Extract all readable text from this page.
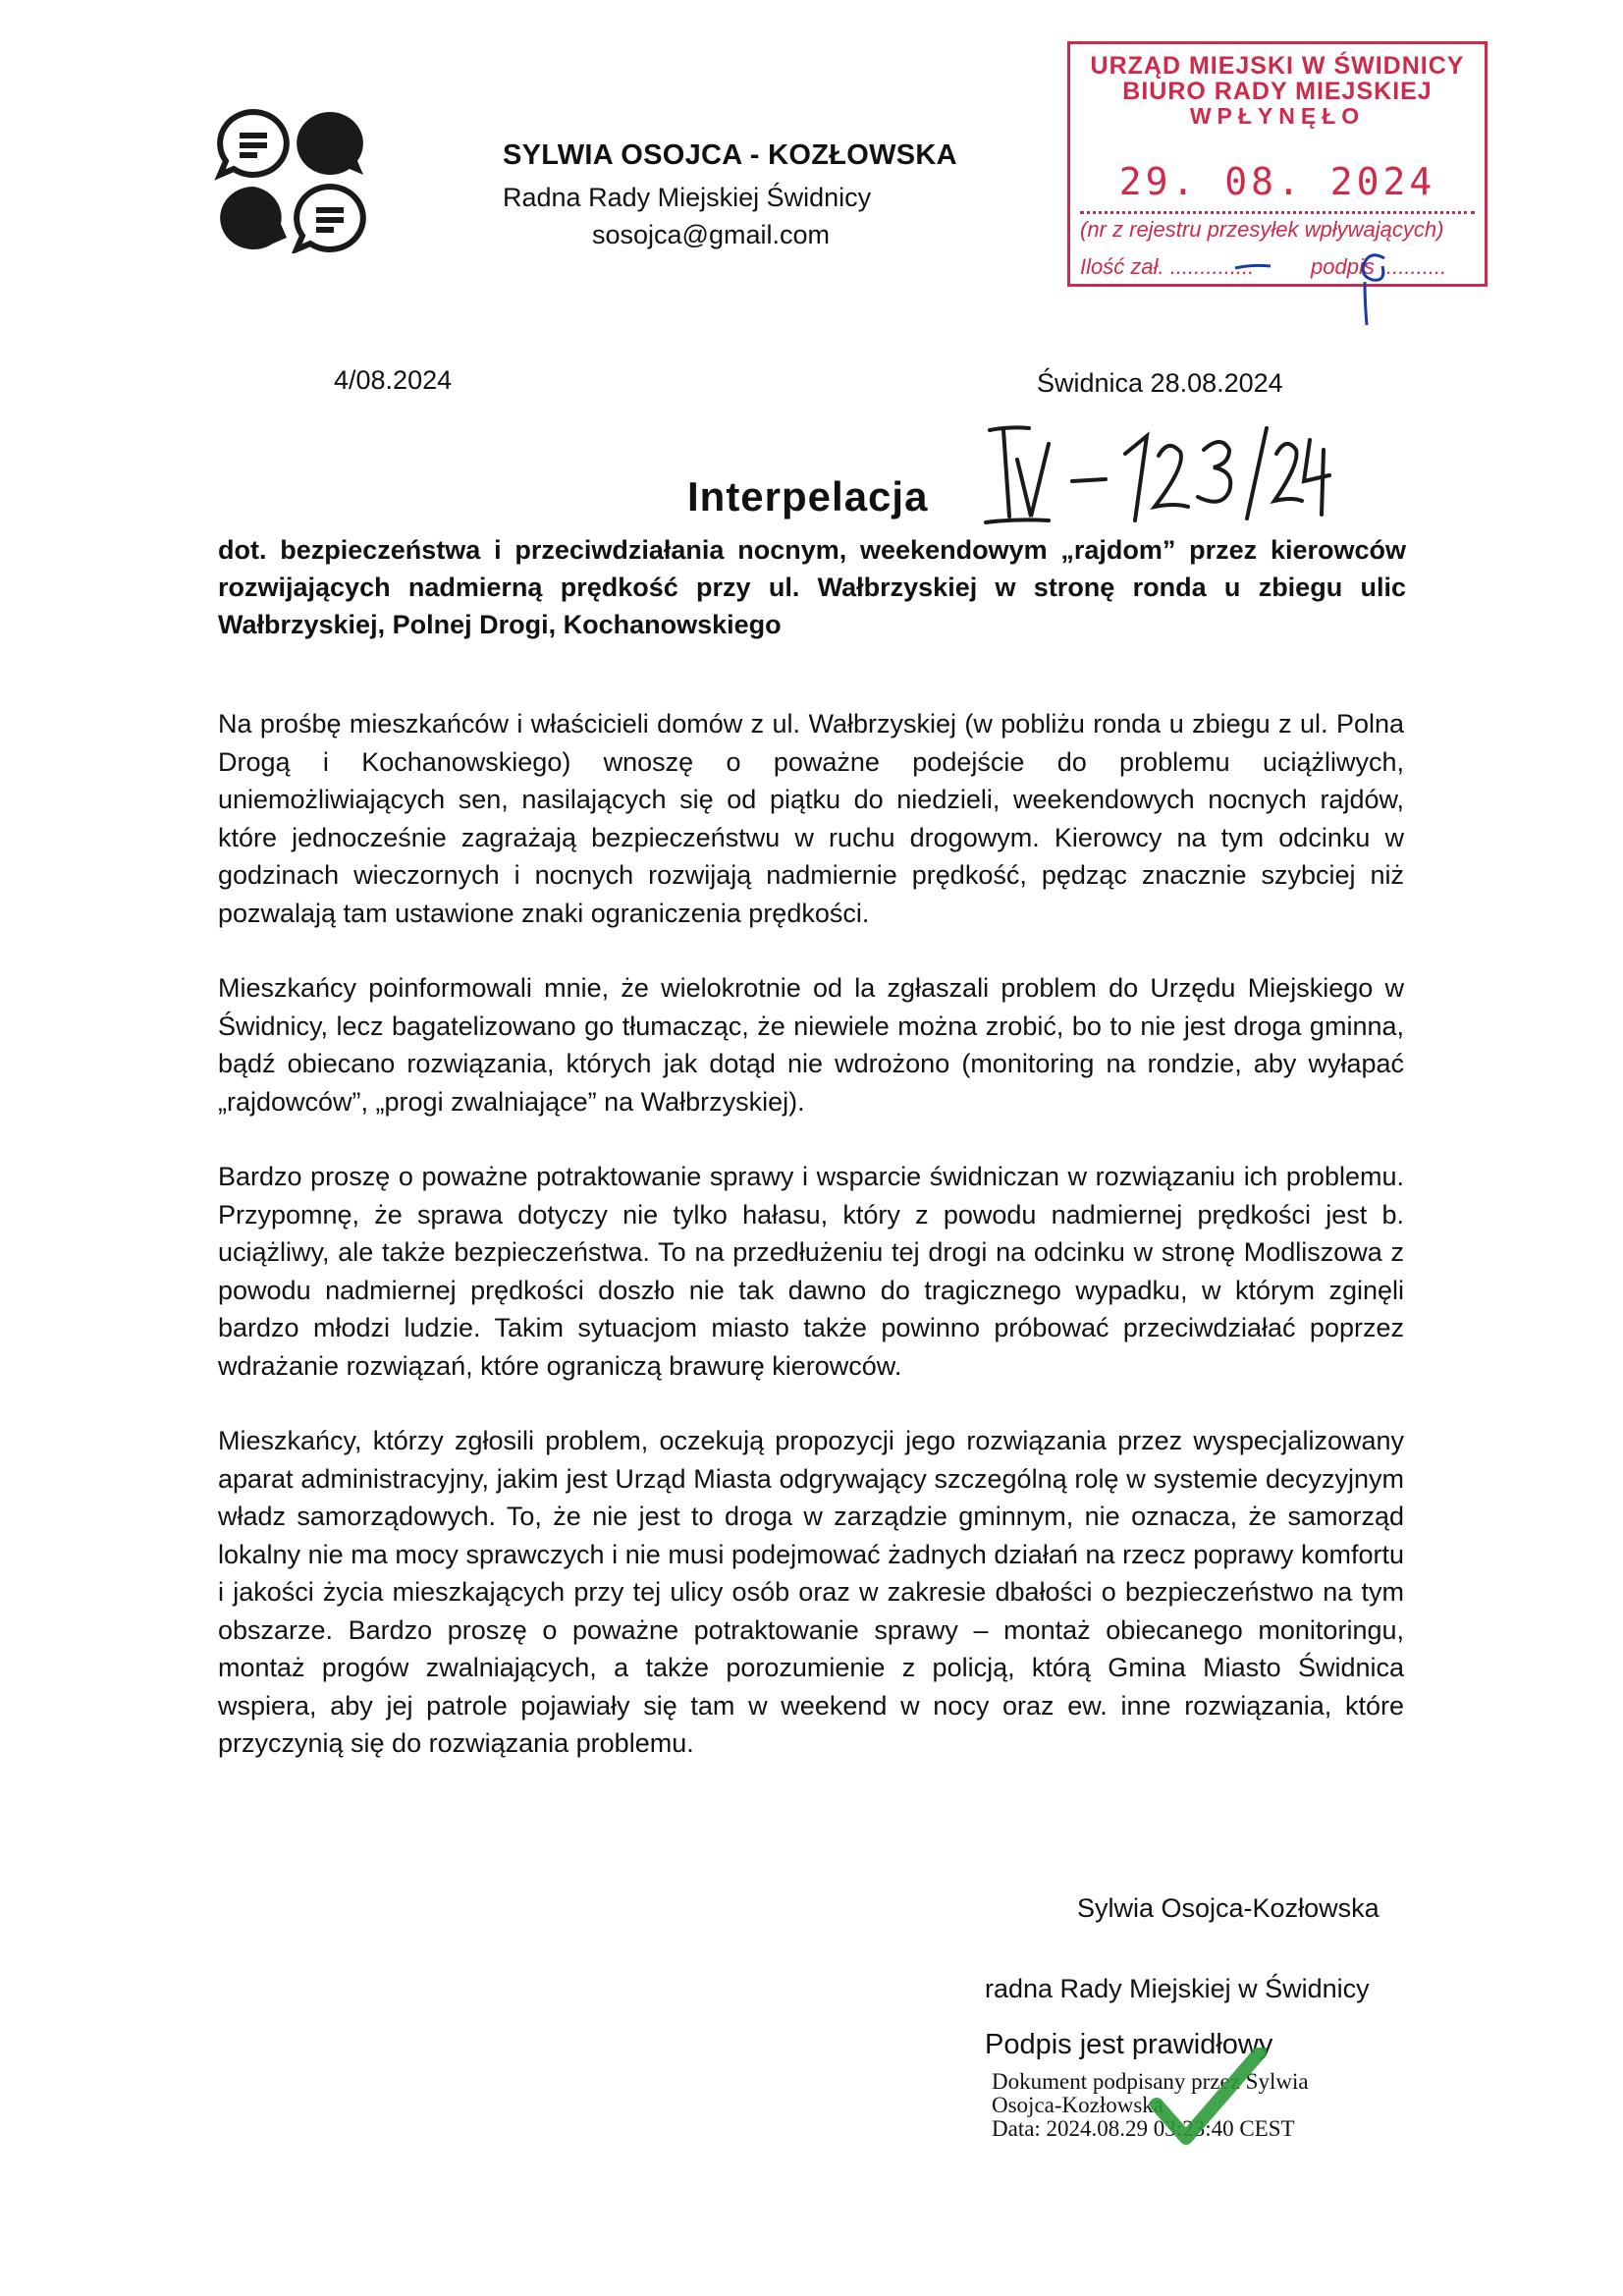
SYLWIA OSOJCA - KOZŁOWSKA
Radna Rady Miejskiej Świdnicy
sosojca@gmail.com
URZĄD MIEJSKI W ŚWIDNICY
BIURO RADY MIEJSKIEJ
WPŁYNĘŁO
29. 08. 2024
(nr z rejestru przesyłek wpływających)
Ilość zał. ..............	podpis ...........
4/08.2024	Świdnica 28.08.2024
Interpelacja
dot. bezpieczeństwa i przeciwdziałania nocnym, weekendowym „rajdom” przez kierowców rozwijających nadmierną prędkość przy ul. Wałbrzyskiej w stronę ronda u zbiegu ulic Wałbrzyskiej, Polnej Drogi, Kochanowskiego

Na prośbę mieszkańców i właścicieli domów z ul. Wałbrzyskiej (w pobliżu ronda u zbiegu z ul. Polna Drogą i Kochanowskiego) wnoszę o poważne podejście do problemu uciążliwych, uniemożliwiających sen, nasilających się od piątku do niedzieli, weekendowych nocnych rajdów, które jednocześnie zagrażają bezpieczeństwu w ruchu drogowym. Kierowcy na tym odcinku w godzinach wieczornych i nocnych rozwijają nadmiernie prędkość, pędząc znacznie szybciej niż pozwalają tam ustawione znaki ograniczenia prędkości.

Mieszkańcy poinformowali mnie, że wielokrotnie od la zgłaszali problem do Urzędu Miejskiego w Świdnicy, lecz bagatelizowano go tłumacząc, że niewiele można zrobić, bo to nie jest droga gminna, bądź obiecano rozwiązania, których jak dotąd nie wdrożono (monitoring na rondzie, aby wyłapać „rajdowców”, „progi zwalniające” na Wałbrzyskiej).

Bardzo proszę o poważne potraktowanie sprawy i wsparcie świdniczan w rozwiązaniu ich problemu. Przypomnę, że sprawa dotyczy nie tylko hałasu, który z powodu nadmiernej prędkości jest b. uciążliwy, ale także bezpieczeństwa. To na przedłużeniu tej drogi na odcinku w stronę Modliszowa z powodu nadmiernej prędkości doszło nie tak dawno do tragicznego wypadku, w którym zginęli bardzo młodzi ludzie. Takim sytuacjom miasto także powinno próbować przeciwdziałać poprzez wdrażanie rozwiązań, które ograniczą brawurę kierowców.

Mieszkańcy, którzy zgłosili problem, oczekują propozycji jego rozwiązania przez wyspecjalizowany aparat administracyjny, jakim jest Urząd Miasta odgrywający szczególną rolę w systemie decyzyjnym władz samorządowych. To, że nie jest to droga w zarządzie gminnym, nie oznacza, że samorząd lokalny nie ma mocy sprawczych i nie musi podejmować żadnych działań na rzecz poprawy komfortu i jakości życia mieszkających przy tej ulicy osób oraz w zakresie dbałości o bezpieczeństwo na tym obszarze. Bardzo proszę o poważne potraktowanie sprawy – montaż obiecanego monitoringu, montaż progów zwalniających, a także porozumienie z policją, którą Gmina Miasto Świdnica wspiera, aby jej patrole pojawiały się tam w weekend w nocy oraz ew. inne rozwiązania, które przyczynią się do rozwiązania problemu.

Sylwia Osojca-Kozłowska
radna Rady Miejskiej w Świdnicy
Podpis jest prawidłowy
Dokument podpisany przez Sylwia
Osojca-Kozłowska
Data: 2024.08.29 03:23:40 CEST
